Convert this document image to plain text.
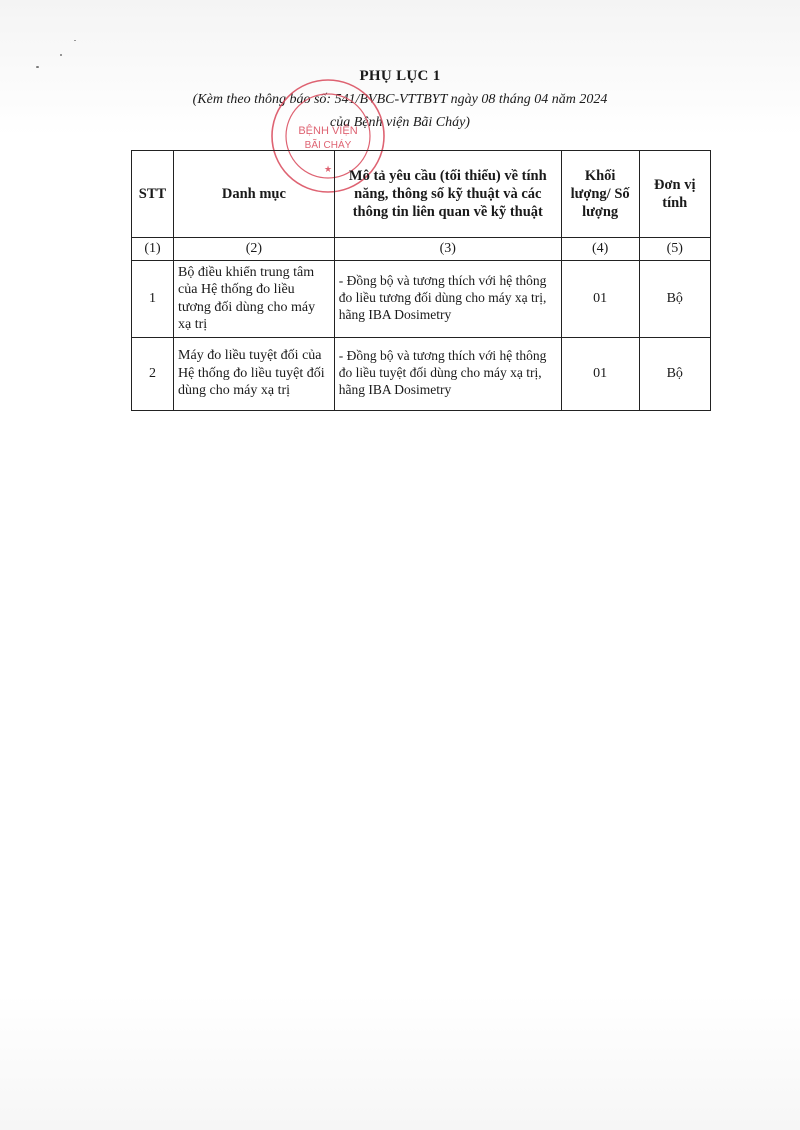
PHỤ LỤC 1
(Kèm theo thông báo số: 541/BVBC-VTTBYT ngày 08 tháng 04 năm 2024
của Bệnh viện Bãi Cháy)
BỆNH VIỆN
BÃI CHÁY
★
STT	Danh mục	Mô tả yêu cầu (tối thiểu) về tính năng, thông số kỹ thuật và các thông tin liên quan về kỹ thuật	Khối lượng/ Số lượng	Đơn vị tính
(1)	(2)	(3)	(4)	(5)
1	Bộ điều khiển trung tâm của Hệ thống đo liều tương đối dùng cho máy xạ trị	- Đồng bộ và tương thích với hệ thông đo liều tương đối dùng cho máy xạ trị, hãng IBA Dosimetry	01	Bộ
2	Máy đo liều tuyệt đối của Hệ thống đo liều tuyệt đối dùng cho máy xạ trị	- Đồng bộ và tương thích với hệ thông đo liều tuyệt đối dùng cho máy xạ trị, hãng IBA Dosimetry	01	Bộ
